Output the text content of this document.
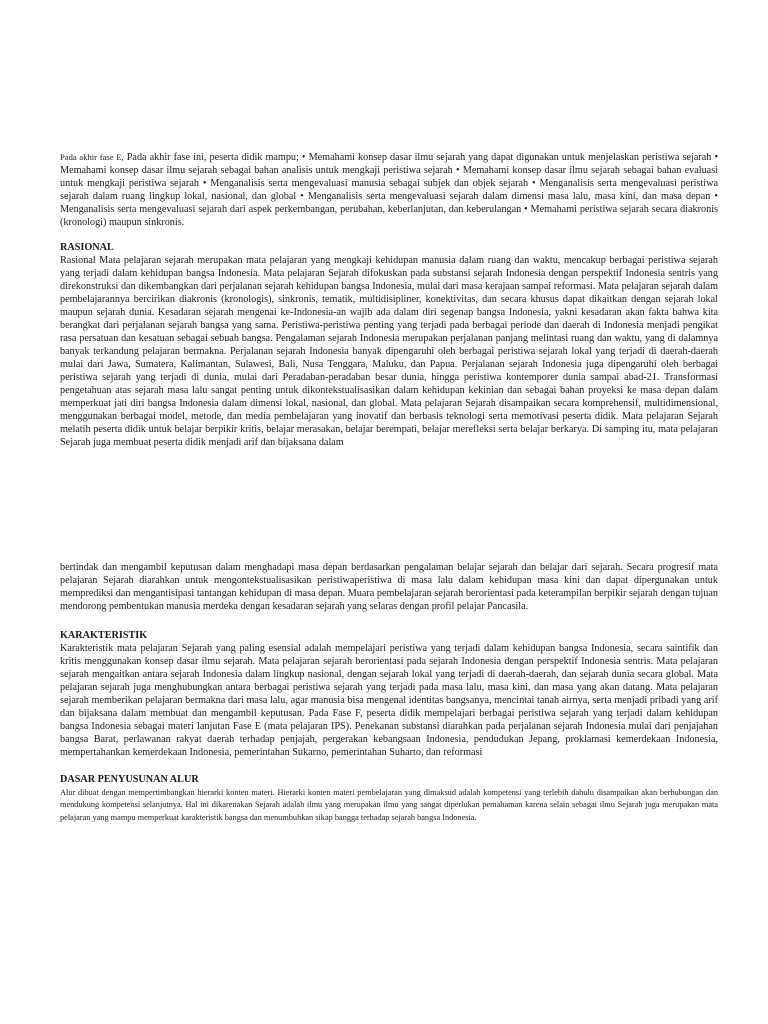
Pada akhir fase E, Pada akhir fase ini, peserta didik mampu; • Memahami konsep dasar ilmu sejarah yang dapat digunakan untuk menjelaskan peristiwa sejarah • Memahami konsep dasar ilmu sejarah sebagai bahan analisis untuk mengkaji peristiwa sejarah • Memahami konsep dasar ilmu sejarah sebagai bahan evaluasi untuk mengkaji peristiwa sejarah • Menganalisis serta mengevaluasi manusia sebagai subjek dan objek sejarah • Menganalisis serta mengevaluasi peristiwa sejarah dalam ruang lingkup lokal, nasional, dan global • Menganalisis serta mengevaluasi sejarah dalam dimensi masa lalu, masa kini, dan masa depan • Menganalisis serta mengevaluasi sejarah dari aspek perkembangan, perubahan, keberlanjutan, dan keberulangan • Memahami peristiwa sejarah secara diakronis (kronologi) maupun sinkronis.
RASIONAL
Rasional Mata pelajaran sejarah merupakan mata pelajaran yang mengkaji kehidupan manusia dalam ruang dan waktu, mencakup berbagai peristiwa sejarah yang terjadi dalam kehidupan bangsa Indonesia. Mata pelajaran Sejarah difokuskan pada substansi sejarah Indonesia dengan perspektif Indonesia sentris yang direkonstruksi dan dikembangkan dari perjalanan sejarah kehidupan bangsa Indonesia, mulai dari masa kerajaan sampai reformasi. Mata pelajaran sejarah dalam pembelajarannya bercirikan diakronis (kronologis), sinkronis, tematik, multidisipliner, konektivitas, dan secara khusus dapat dikaitkan dengan sejarah lokal maupun sejarah dunia. Kesadaran sejarah mengenai ke-Indonesia-an wajib ada dalam diri segenap bangsa Indonesia, yakni kesadaran akan fakta bahwa kita berangkat dari perjalanan sejarah bangsa yang sama. Peristiwa-peristiwa penting yang terjadi pada berbagai periode dan daerah di Indonesia menjadi pengikat rasa persatuan dan kesatuan sebagai sebuah bangsa. Pengalaman sejarah Indonesia merupakan perjalanan panjang melintasi ruang dan waktu, yang di dalamnya banyak terkandung pelajaran bermakna. Perjalanan sejarah Indonesia banyak dipengaruhi oleh berbagai peristiwa sejarah lokal yang terjadi di daerah-daerah mulai dari Jawa, Sumatera, Kalimantan, Sulawesi, Bali, Nusa Tenggara, Maluku, dan Papua. Perjalanan sejarah Indonesia juga dipengaruhi oleh berbagai peristiwa sejarah yang terjadi di dunia, mulai dari Peradaban-peradaban besar dunia, hingga peristiwa kontemporer dunia sampai abad-21. Transformasi pengetahuan atas sejarah masa lalu sangat penting untuk dikontekstualisasikan dalam kehidupan kekinian dan sebagai bahan proyeksi ke masa depan dalam memperkuat jati diri bangsa Indonesia dalam dimensi lokal, nasional, dan global. Mata pelajaran Sejarah disampaikan secara komprehensif, multidimensional, menggunakan berbagai model, metode, dan media pembelajaran yang inovatif dan berbasis teknologi serta memotivasi peserta didik. Mata pelajaran Sejarah melatih peserta didik untuk belajar berpikir kritis, belajar merasakan, belajar berempati, belajar merefleksi serta belajar berkarya. Di samping itu, mata pelajaran Sejarah juga membuat peserta didik menjadi arif dan bijaksana dalam
bertindak dan mengambil keputusan dalam menghadapi masa depan berdasarkan pengalaman belajar sejarah dan belajar dari sejarah. Secara progresif mata pelajaran Sejarah diarahkan untuk mengontekstualisasikan peristiwaperistiwa di masa lalu dalam kehidupan masa kini dan dapat dipergunakan untuk memprediksi dan mengantisipasi tantangan kehidupan di masa depan. Muara pembelajaran sejarah berorientasi pada keterampilan berpikir sejarah dengan tujuan mendorong pembentukan manusia merdeka dengan kesadaran sejarah yang selaras dengan profil pelajar Pancasila.
KARAKTERISTIK
Karakteristik mata pelajaran Sejarah yang paling esensial adalah mempelajari peristiwa yang terjadi dalam kehidupan bangsa Indonesia, secara saintifik dan kritis menggunakan konsep dasar ilmu sejarah. Mata pelajaran sejarah berorientasi pada sejarah Indonesia dengan perspektif Indonesia sentris. Mata pelajaran sejarah mengaitkan antara sejarah Indonesia dalam lingkup nasional, dengan sejarah lokal yang terjadi di daerah-daerah, dan sejarah dunia secara global. Mata pelajaran sejarah juga menghubungkan antara berbagai peristiwa sejarah yang terjadi pada masa lalu, masa kini, dan masa yang akan datang. Mata pelajaran sejarah memberikan pelajaran bermakna dari masa lalu, agar manusia bisa mengenal identitas bangsanya, mencintai tanah airnya, serta menjadi pribadi yang arif dan bijaksana dalam membuat dan mengambil keputusan. Pada Fase F, peserta didik mempelajari berbagai peristiwa sejarah yang terjadi dalam kehidupan bangsa Indonesia sebagai materi lanjutan Fase E (mata pelajaran IPS). Penekanan substansi diarahkan pada perjalanan sejarah Indonesia mulai dari penjajahan bangsa Barat, perlawanan rakyat daerah terhadap penjajah, pergerakan kebangsaan Indonesia, pendudukan Jepang, proklamasi kemerdekaan Indonesia, mempertahankan kemerdekaan Indonesia, pemerintahan Sukarno, pemerintahan Suharto, dan reformasi
DASAR PENYUSUNAN ALUR
Alur dibuat dengan mempertimbangkan hierarki konten materi. Hierarki konten materi pembelajaran yang dimaksud adalah kompetensi yang terlebih dahulu disampaikan akan berhubungan dan mendukung kompetensi selanjutnya. Hal ini dikarenakan Sejarah adalah ilmu yang merupakan ilmu yang sangat diperlukan pemahaman karena selain sebagai ilmu Sejarah juga merupakan mata pelajaran yang mampu memperkuat karakteristik bangsa dan menumbuhkan sikap bangga terhadap sejarah bangsa Indonesia.
